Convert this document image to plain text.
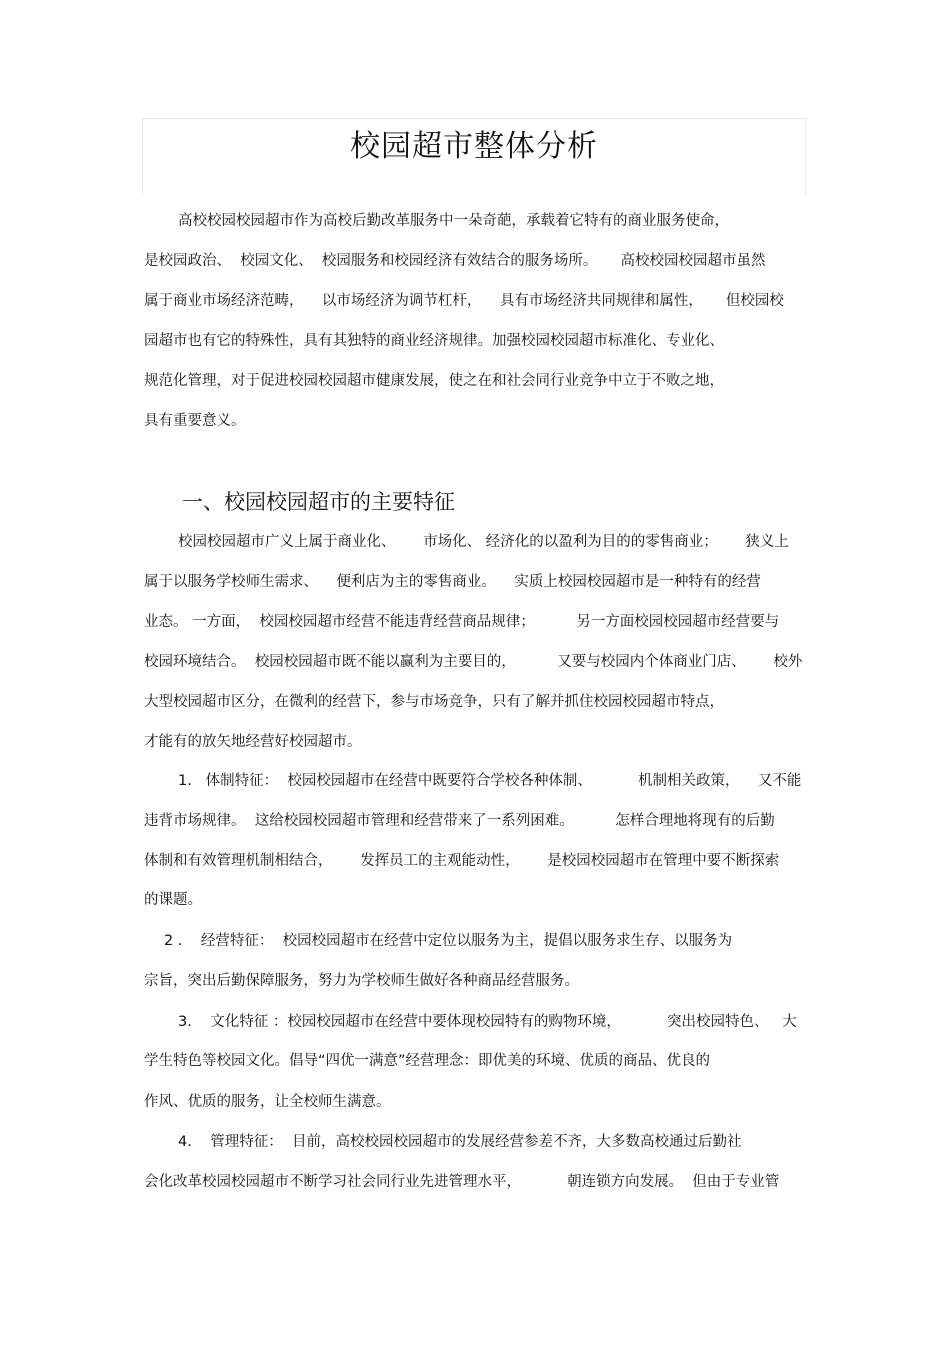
校园超市整体分析

高校校园校园超市作为高校后勤改革服务中一朵奇葩，承载着它特有的商业服务使命，

是校园政治、  校园文化、  校园服务和校园经济有效结合的服务场所。     高校校园校园超市虽然

属于商业市场经济范畴，    以市场经济为调节杠杆，    具有市场经济共同规律和属性，     但校园校

园超市也有它的特殊性，具有其独特的商业经济规律。加强校园校园超市标准化、专业化、

规范化管理，对于促进校园校园超市健康发展，使之在和社会同行业竞争中立于不败之地，

具有重要意义。

一、校园校园超市的主要特征

校园校园超市广义上属于商业化、      市场化、 经济化的以盈利为目的的零售商业；      狭义上

属于以服务学校师生需求、    便利店为主的零售商业。    实质上校园校园超市是一种特有的经营

业态。 一方面，  校园校园超市经营不能违背经营商品规律；         另一方面校园校园超市经营要与

校园环境结合。  校园校园超市既不能以赢利为主要目的，         又要与校园内个体商业门店、      校外

大型校园超市区分，在微利的经营下，参与市场竞争，只有了解并抓住校园校园超市特点，

才能有的放矢地经营好校园超市。

1.   体制特征：  校园校园超市在经营中既要符合学校各种体制、          机制相关政策，    又不能

违背市场规律。  这给校园校园超市管理和经营带来了一系列困难。         怎样合理地将现有的后勤

体制和有效管理机制相结合，      发挥员工的主观能动性，      是校园校园超市在管理中要不断探索

的课题。

2 .    经营特征：  校园校园超市在经营中定位以服务为主，提倡以服务求生存、以服务为

宗旨，突出后勤保障服务，努力为学校师生做好各种商品经营服务。

3.    文化特征 ：校园校园超市在经营中要体现校园特有的购物环境，          突出校园特色、   大

学生特色等校园文化。倡导“四优一满意”经营理念：即优美的环境、优质的商品、优良的

作风、优质的服务，让全校师生满意。

4.    管理特征：  目前，高校校园校园超市的发展经营参差不齐，大多数高校通过后勤社

会化改革校园校园超市不断学习社会同行业先进管理水平，          朝连锁方向发展。  但由于专业管
